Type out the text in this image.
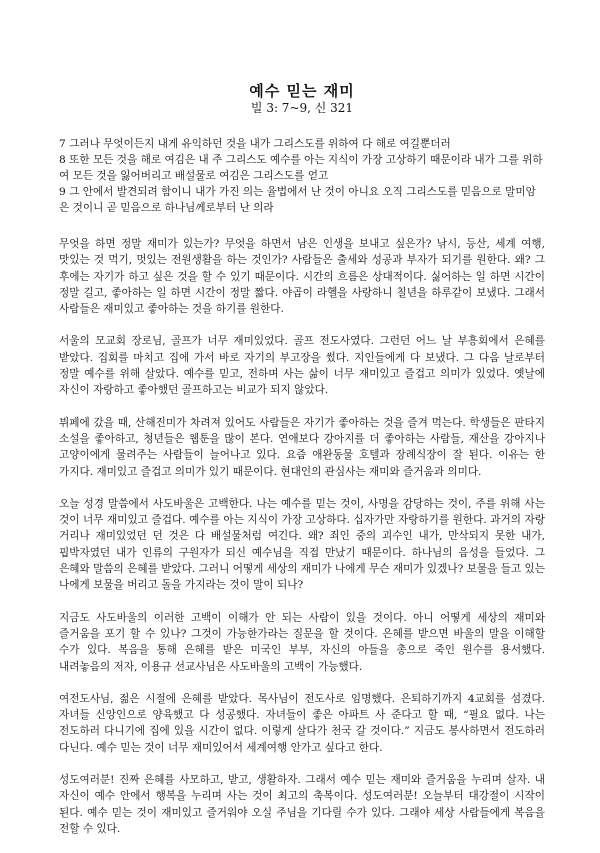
예수 믿는 재미

빌 3: 7~9, 신 321

7 그러나 무엇이든지 내게 유익하던 것을 내가 그리스도를 위하여 다 해로 여길뿐더러

8 또한 모든 것을 해로 여김은 내 주 그리스도 예수를 아는 지식이 가장 고상하기 때문이라 내가 그를 위하여 모든 것을 잃어버리고 배설물로 여김은 그리스도를 얻고

9 그 안에서 발견되려 함이니 내가 가진 의는 율법에서 난 것이 아니요 오직 그리스도를 믿음으로 말미암은 것이니 곧 믿음으로 하나님께로부터 난 의라

무엇을 하면 정말 재미가 있는가? 무엇을 하면서 남은 인생을 보내고 싶은가? 낚시, 등산, 세계 여행, 맛있는 것 먹기, 멋있는 전원생활을 하는 것인가? 사람들은 출세와 성공과 부자가 되기를 원한다. 왜? 그 후에는 자기가 하고 싶은 것을 할 수 있기 때문이다. 시간의 흐름은 상대적이다. 싫어하는 일 하면 시간이 정말 길고, 좋아하는 일 하면 시간이 정말 짧다. 야곱이 라헬을 사랑하니 칠년을 하루같이 보냈다. 그래서 사람들은 재미있고 좋아하는 것을 하기를 원한다.

서울의 모교회 장로님, 골프가 너무 재미있었다. 골프 전도사였다. 그런던 어느 날 부흥회에서 은혜를 받았다. 집회를 마치고 집에 가서 바로 자기의 부고장을 썼다. 지인들에게 다 보냈다. 그 다음 날로부터 정말 예수를 위해 살았다. 예수를 믿고, 전하며 사는 삶이 너무 재미있고 즐겁고 의미가 있었다. 옛날에 자신이 자랑하고 좋아했던 골프하고는 비교가 되지 않았다.

뷔페에 갔을 때, 산해진미가 차려져 있어도 사람들은 자기가 좋아하는 것을 즐겨 먹는다. 학생들은 판타지 소설을 좋아하고, 청년들은 웹툰을 많이 본다. 연애보다 강아지를 더 좋아하는 사람들, 재산을 강아지나 고양이에게 물려주는 사람들이 늘어나고 있다. 요즘 애완동물 호텔과 장례식장이 잘 된다. 이유는 한 가지다. 재미있고 즐겁고 의미가 있기 때문이다. 현대인의 관심사는 재미와 즐거움과 의미다.

오늘 성경 말씀에서 사도바울은 고백한다. 나는 예수를 믿는 것이, 사명을 감당하는 것이, 주를 위해 사는 것이 너무 재미있고 즐겁다. 예수를 아는 지식이 가장 고상하다. 십자가만 자랑하기를 원한다. 과거의 자랑 거리나 재미있었던 던 것은 다 배설물처럼 여긴다. 왜? 죄인 중의 괴수인 내가, 만삭되지 못한 내가, 핍박자였던 내가 인류의 구원자가 되신 예수님을 직접 만났기 때문이다. 하나님의 음성을 들었다. 그 은혜와 말씀의 은혜를 받았다. 그러니 어떻게 세상의 재미가 나에게 무슨 재미가 있겠나? 보물을 들고 있는 나에게 보물을 버리고 돌을 가지라는 것이 말이 되나?

지금도 사도바울의 이러한 고백이 이해가 안 되는 사람이 있을 것이다. 아니 어떻게 세상의 재미와 즐거움을 포기 할 수 있나? 그것이 가능한가라는 질문을 할 것이다. 은혜를 받으면 바울의 말을 이해할 수가 있다. 복음을 통해 은혜를 받은 미국인 부부, 자신의 아들을 총으로 죽인 원수를 용서했다. 내려놓음의 저자, 이용규 선교사님은 사도바울의 고백이 가능했다.

여전도사님, 젊은 시절에 은혜를 받았다. 목사님이 전도사로 임명했다. 은퇴하기까지 4교회를 섬겼다. 자녀들 신앙인으로 양육했고 다 성공했다. 자녀들이 좋은 아파트 사 준다고 할 때, “필요 없다. 나는 전도하러 다니기에 집에 있을 시간이 없다. 이렇게 살다가 천국 갈 것이다.” 지금도 봉사하면서 전도하러 다닌다. 예수 믿는 것이 너무 재미있어서 세계여행 안가고 싶다고 한다.

성도여러분! 진짜 은혜를 사모하고, 받고, 생활하자. 그래서 예수 믿는 재미와 즐거움을 누리며 살자. 내 자신이 예수 안에서 행복을 누리며 사는 것이 최고의 축복이다. 성도여러분! 오늘부터 대강절이 시작이 된다. 예수 믿는 것이 재미있고 즐거워야 오실 주님을 기다릴 수가 있다. 그래야 세상 사람들에게 복음을 전할 수 있다.
